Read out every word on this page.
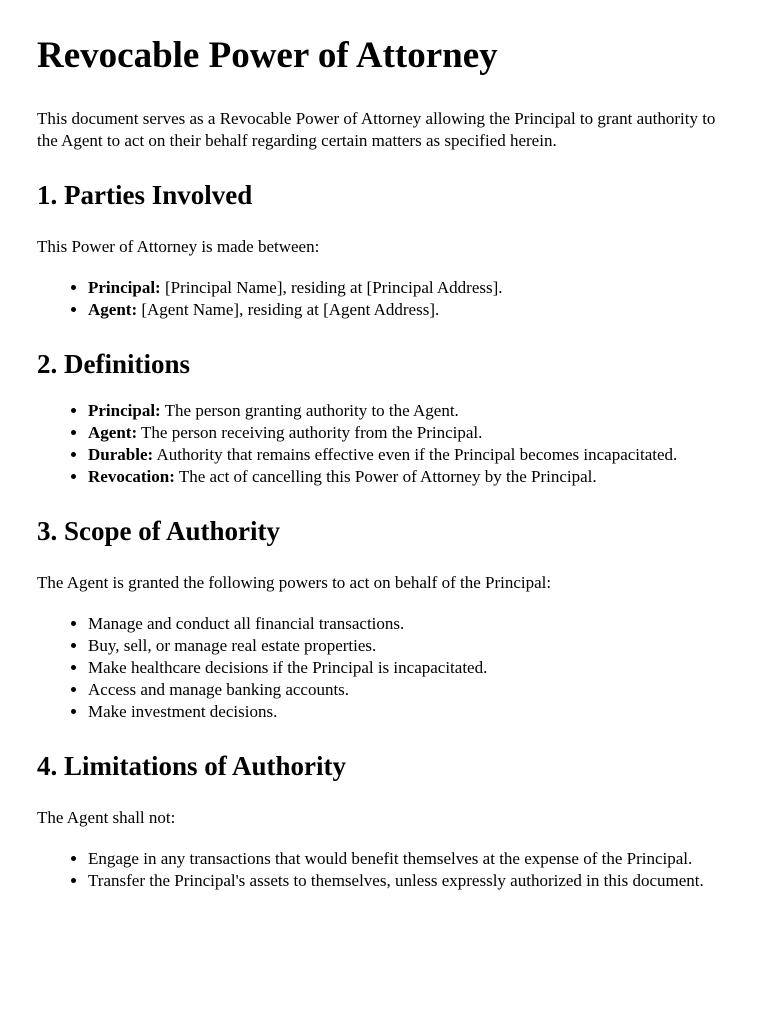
Revocable Power of Attorney

This document serves as a Revocable Power of Attorney allowing the Principal to grant authority to the Agent to act on their behalf regarding certain matters as specified herein.

1. Parties Involved

This Power of Attorney is made between:

• Principal: [Principal Name], residing at [Principal Address].
• Agent: [Agent Name], residing at [Agent Address].
2. Definitions
• Principal: The person granting authority to the Agent.
• Agent: The person receiving authority from the Principal.
• Durable: Authority that remains effective even if the Principal becomes incapacitated.
• Revocation: The act of cancelling this Power of Attorney by the Principal.
3. Scope of Authority

The Agent is granted the following powers to act on behalf of the Principal:

• Manage and conduct all financial transactions.
• Buy, sell, or manage real estate properties.
• Make healthcare decisions if the Principal is incapacitated.
• Access and manage banking accounts.
• Make investment decisions.
4. Limitations of Authority

The Agent shall not:

• Engage in any transactions that would benefit themselves at the expense of the Principal.
• Transfer the Principal's assets to themselves, unless expressly authorized in this document.
